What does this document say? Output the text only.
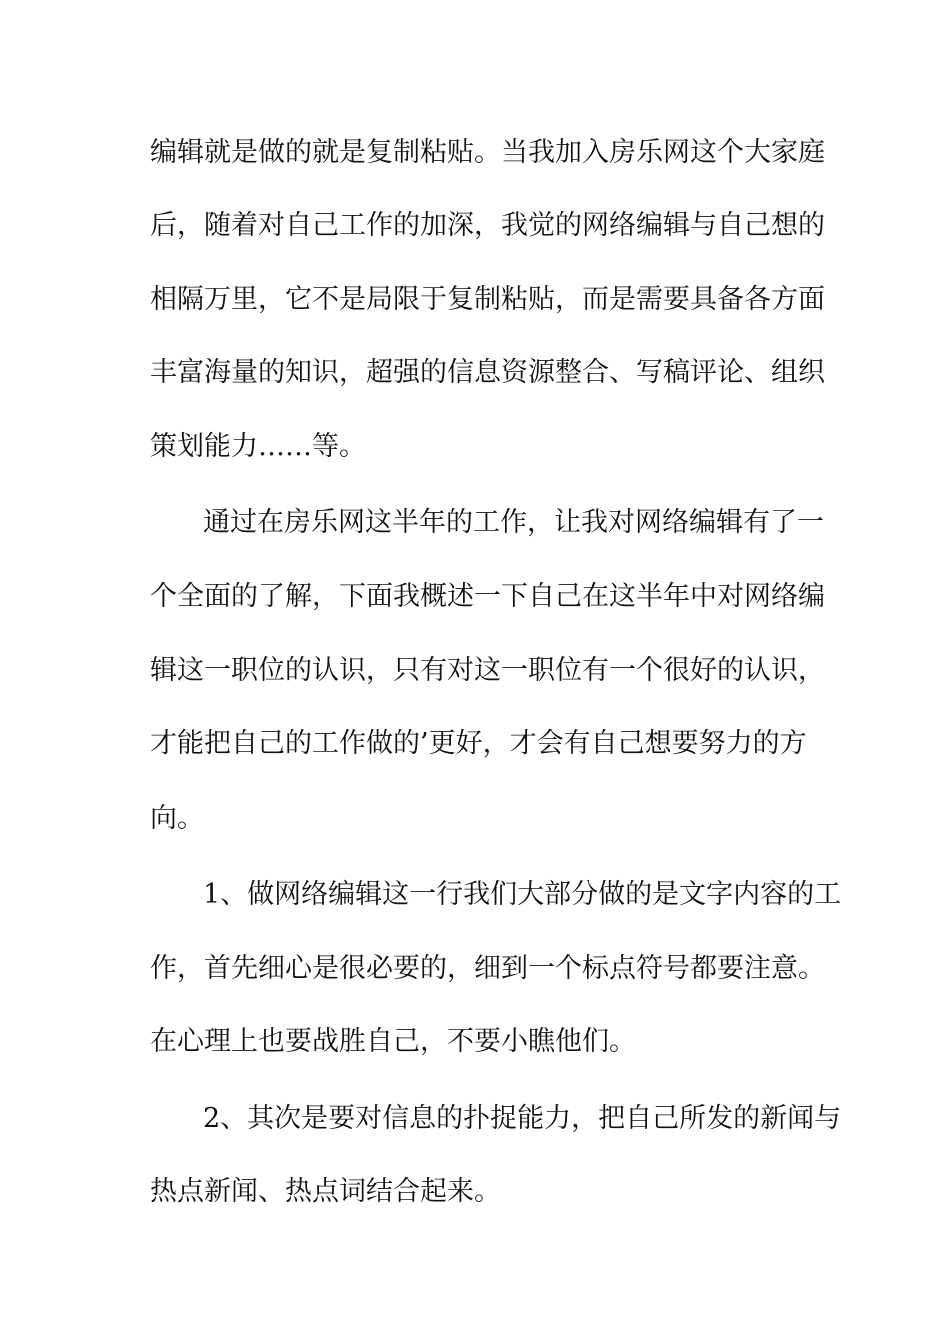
编辑就是做的就是复制粘贴。当我加入房乐网这个大家庭
后，随着对自己工作的加深，我觉的网络编辑与自己想的
相隔万里，它不是局限于复制粘贴，而是需要具备各方面
丰富海量的知识，超强的信息资源整合、写稿评论、组织
策划能力……等。
通过在房乐网这半年的工作，让我对网络编辑有了一
个全面的了解，下面我概述一下自己在这半年中对网络编
辑这一职位的认识，只有对这一职位有一个很好的认识，
才能把自己的工作做的’更好，才会有自己想要努力的方
向。
1、做网络编辑这一行我们大部分做的是文字内容的工
作，首先细心是很必要的，细到一个标点符号都要注意。
在心理上也要战胜自己，不要小瞧他们。
2、其次是要对信息的扑捉能力，把自己所发的新闻与
热点新闻、热点词结合起来。
